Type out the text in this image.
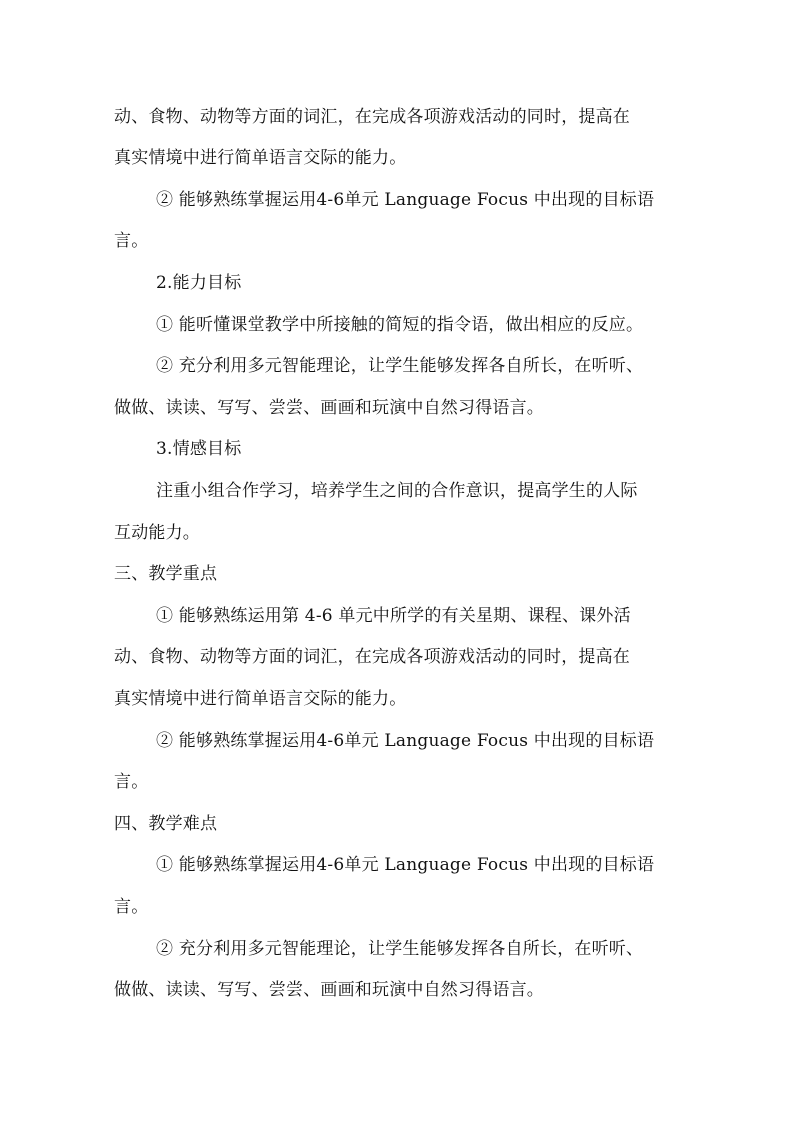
动、食物、动物等方面的词汇，在完成各项游戏活动的同时，提高在
真实情境中进行简单语言交际的能力。
② 能够熟练掌握运用4-6单元 Language Focus 中出现的目标语
言。
2.能力目标
① 能听懂课堂教学中所接触的简短的指令语，做出相应的反应。
② 充分利用多元智能理论，让学生能够发挥各自所长，在听听、
做做、读读、写写、尝尝、画画和玩演中自然习得语言。
3.情感目标
注重小组合作学习，培养学生之间的合作意识，提高学生的人际
互动能力。
三、教学重点
① 能够熟练运用第 4-6 单元中所学的有关星期、课程、课外活
动、食物、动物等方面的词汇，在完成各项游戏活动的同时，提高在
真实情境中进行简单语言交际的能力。
② 能够熟练掌握运用4-6单元 Language Focus 中出现的目标语
言。
四、教学难点
① 能够熟练掌握运用4-6单元 Language Focus 中出现的目标语
言。
② 充分利用多元智能理论，让学生能够发挥各自所长，在听听、
做做、读读、写写、尝尝、画画和玩演中自然习得语言。
